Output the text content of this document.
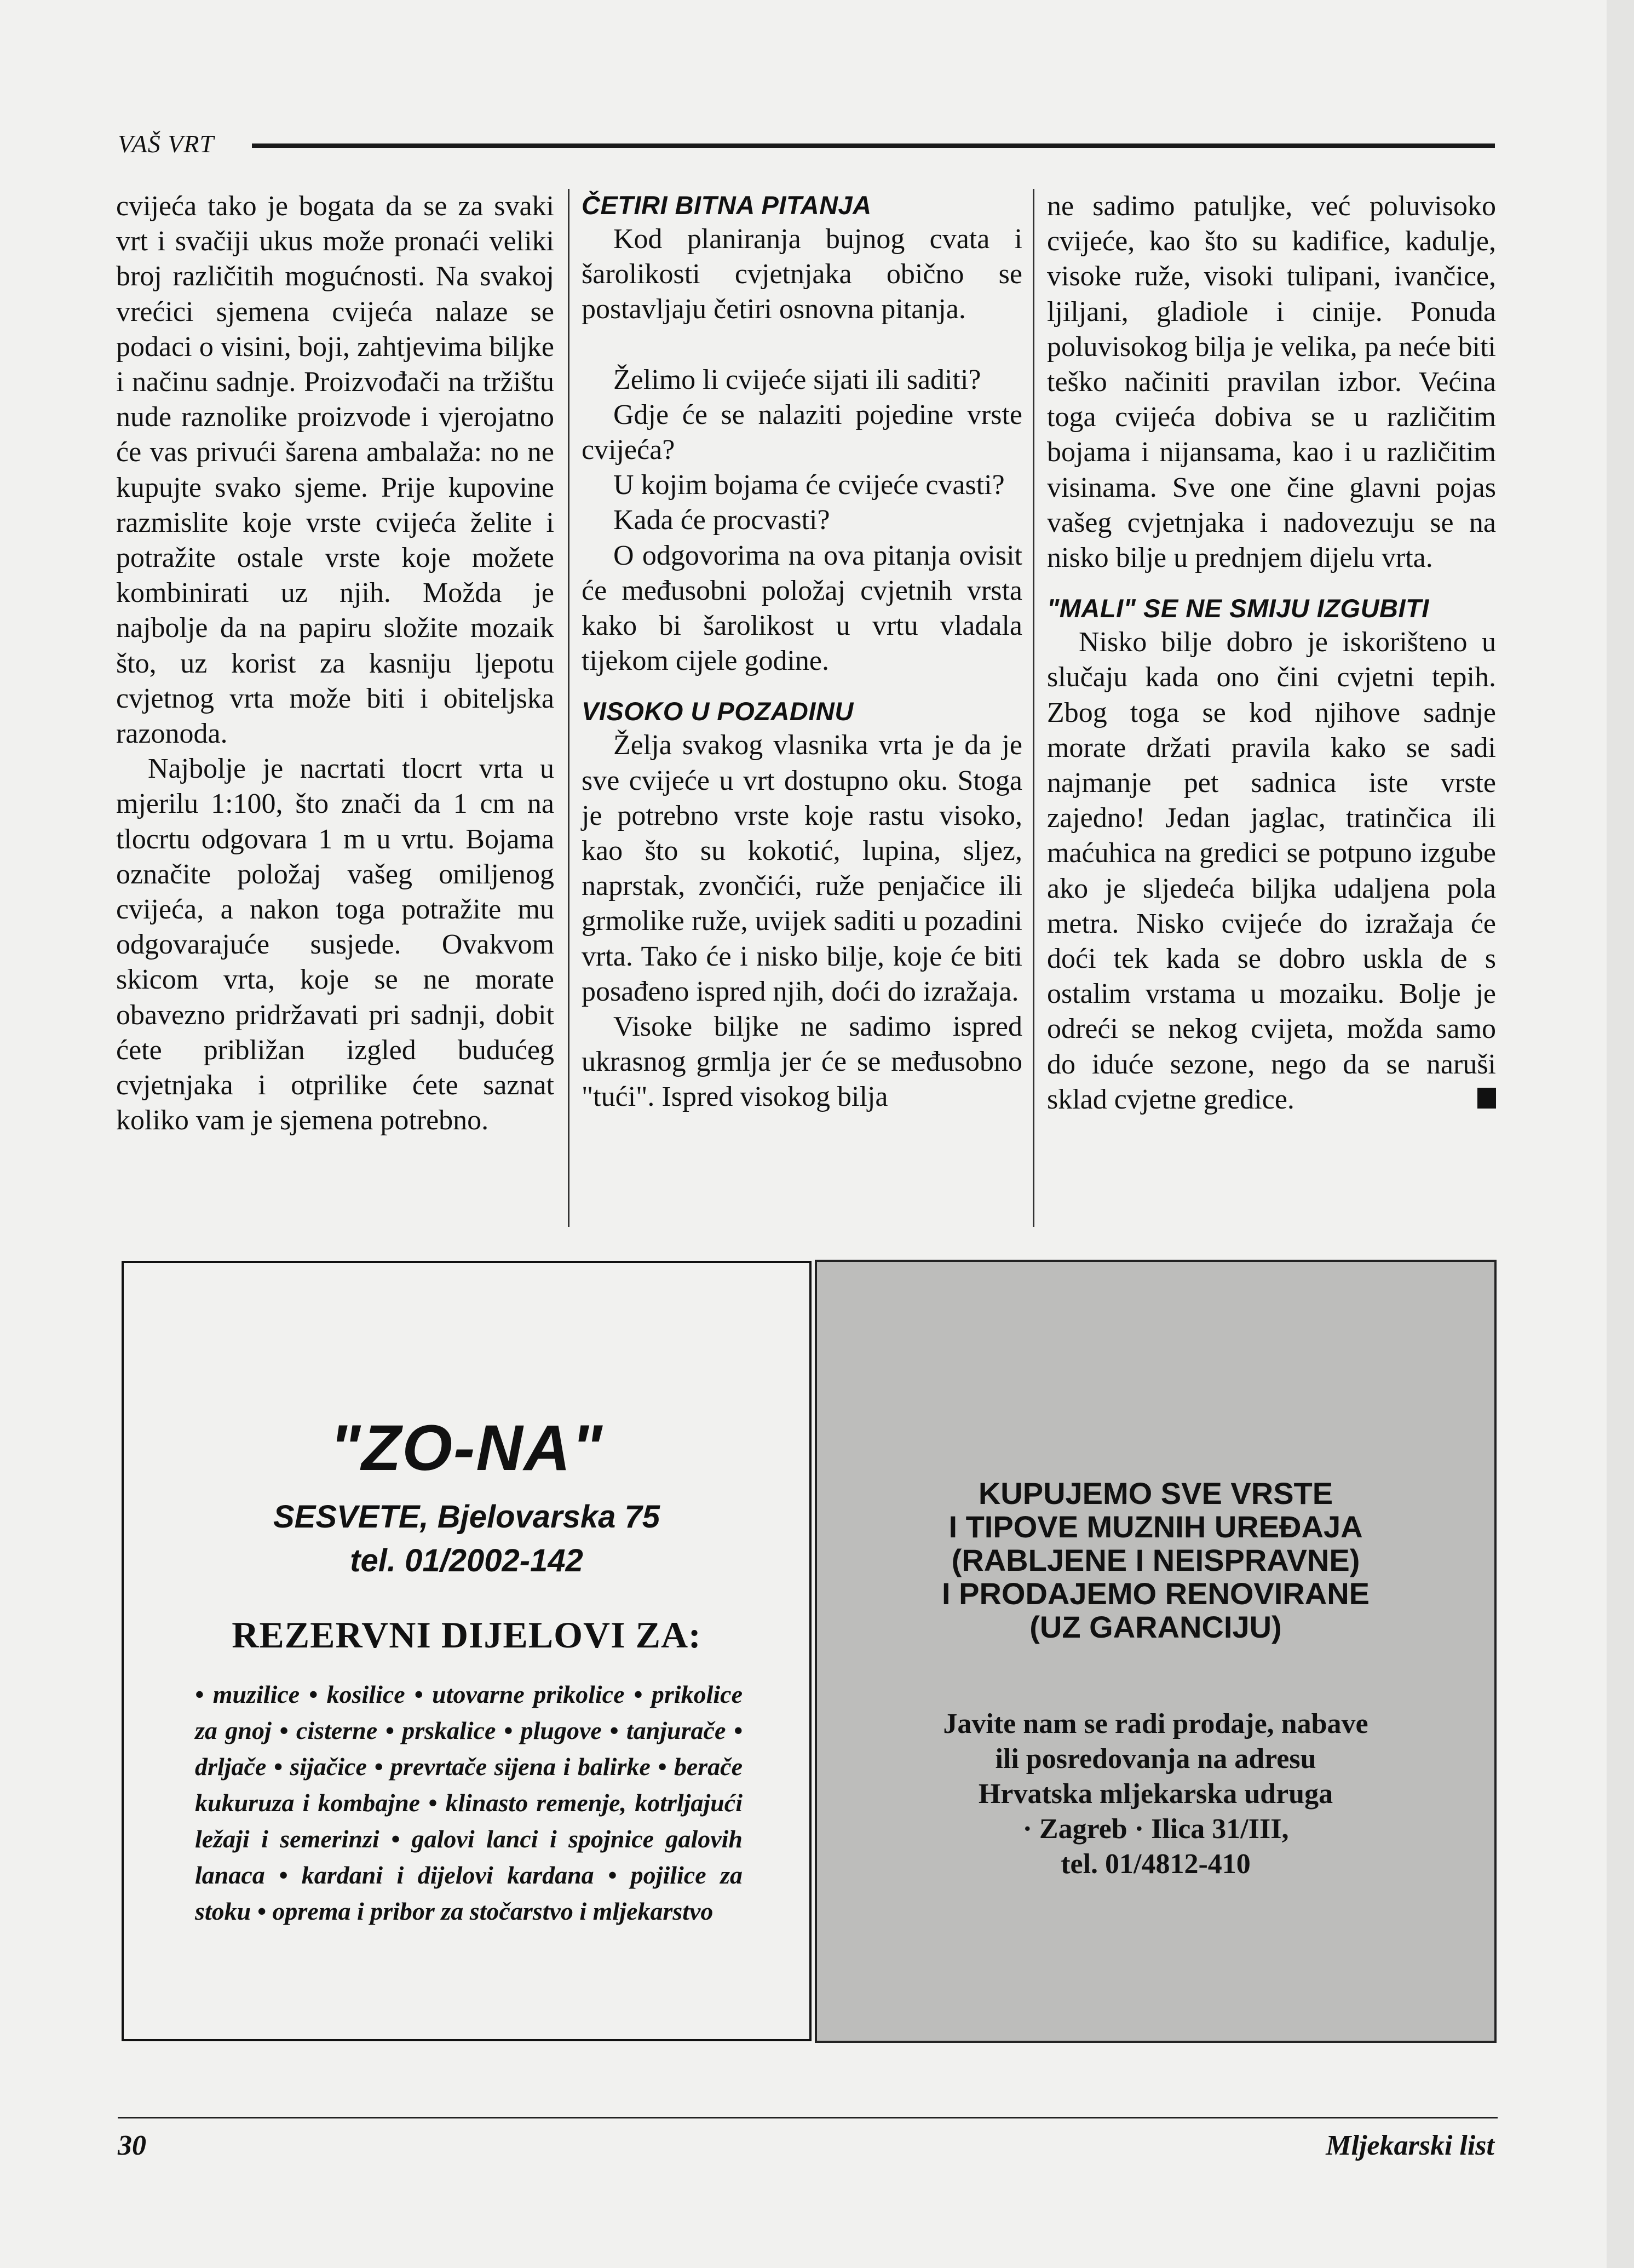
VAŠ VRT

cvijeća tako je bogata da se za svaki vrt i svačiji ukus može pronaći veliki broj različitih mogućnosti. Na svakoj vrećici sjemena cvijeća nalaze se podaci o visini, boji, zahtjevima biljke i načinu sadnje. Proizvođači na tržištu nude raznolike proizvode i vjerojatno će vas privući šarena ambalaža: no ne kupujte svako sjeme. Prije kupovine razmislite koje vrste cvijeća želite i potražite ostale vrste koje možete kombinirati uz njih. Možda je najbolje da na papiru složite mozaik što, uz korist za kasniju ljepotu cvjetnog vrta može biti i obiteljska razonoda.

Najbolje je nacrtati tlocrt vrta u mjerilu 1:100, što znači da 1 cm na tlocrtu odgovara 1 m u vrtu. Bojama označite položaj vašeg omiljenog cvijeća, a nakon toga potražite mu odgovarajuće susjede. Ovakvom skicom vrta, koje se ne morate obavezno pridržavati pri sadnji, dobit ćete približan izgled budućeg cvjetnjaka i otprilike ćete saznat koliko vam je sjemena potrebno.

ČETIRI BITNA PITANJA

Kod planiranja bujnog cvata i šarolikosti cvjetnjaka obično se postavljaju četiri osnovna pitanja.

Želimo li cvijeće sijati ili saditi?

Gdje će se nalaziti pojedine vrste cvijeća?

U kojim bojama će cvijeće cvasti?

Kada će procvasti?

O odgovorima na ova pitanja ovisit će međusobni položaj cvjetnih vrsta kako bi šarolikost u vrtu vladala tijekom cijele godine.

VISOKO U POZADINU

Želja svakog vlasnika vrta je da je sve cvijeće u vrt dostupno oku. Stoga je potrebno vrste koje rastu visoko, kao što su kokotić, lupina, sljez, naprstak, zvončići, ruže penjačice ili grmolike ruže, uvijek saditi u pozadini vrta. Tako će i nisko bilje, koje će biti posađeno ispred njih, doći do izražaja.

Visoke biljke ne sadimo ispred ukrasnog grmlja jer će se međusobno "tući". Ispred visokog bilja

ne sadimo patuljke, već poluvisoko cvijeće, kao što su kadifice, kadulje, visoke ruže, visoki tulipani, ivančice, ljiljani, gladiole i cinije. Ponuda poluvisokog bilja je velika, pa neće biti teško načiniti pravilan izbor. Većina toga cvijeća dobiva se u različitim bojama i nijansama, kao i u različitim visinama. Sve one čine glavni pojas vašeg cvjetnjaka i nadovezuju se na nisko bilje u prednjem dijelu vrta.

"MALI" SE NE SMIJU IZGUBITI

Nisko bilje dobro je iskorišteno u slučaju kada ono čini cvjetni tepih. Zbog toga se kod njihove sadnje morate držati pravila kako se sadi najmanje pet sadnica iste vrste zajedno! Jedan jaglac, tratinčica ili maćuhica na gredici se potpuno izgube ako je sljedeća biljka udaljena pola metra. Nisko cvijeće do izražaja će doći tek kada se dobro uskla de s ostalim vrstama u mozaiku. Bolje je odreći se nekog cvijeta, možda samo do iduće sezone, nego da se naruši sklad cvjetne gredice.

"ZO-NA"
SESVETE, Bjelovarska 75
tel. 01/2002-142
REZERVNI DIJELOVI ZA:
• muzilice • kosilice • utovarne prikolice • prikolice za gnoj • cisterne • prskalice • plugove • tanjurače • drljače • sijačice • prevrtače sijena i balirke • berače kukuruza i kombajne • klinasto remenje, kotrljajući ležaji i semerinzi • galovi lanci i spojnice galovih lanaca • kardani i dijelovi kardana • pojilice za stoku • oprema i pribor za stočarstvo i mljekarstvo
KUPUJEMO SVE VRSTE
I TIPOVE MUZNIH UREĐAJA
(RABLJENE I NEISPRAVNE)
I PRODAJEMO RENOVIRANE
(UZ GARANCIJU)
Javite nam se radi prodaje, nabave
ili posredovanja na adresu
Hrvatska mljekarska udruga
· Zagreb · Ilica 31/III,
tel. 01/4812-410
30	Mljekarski list
